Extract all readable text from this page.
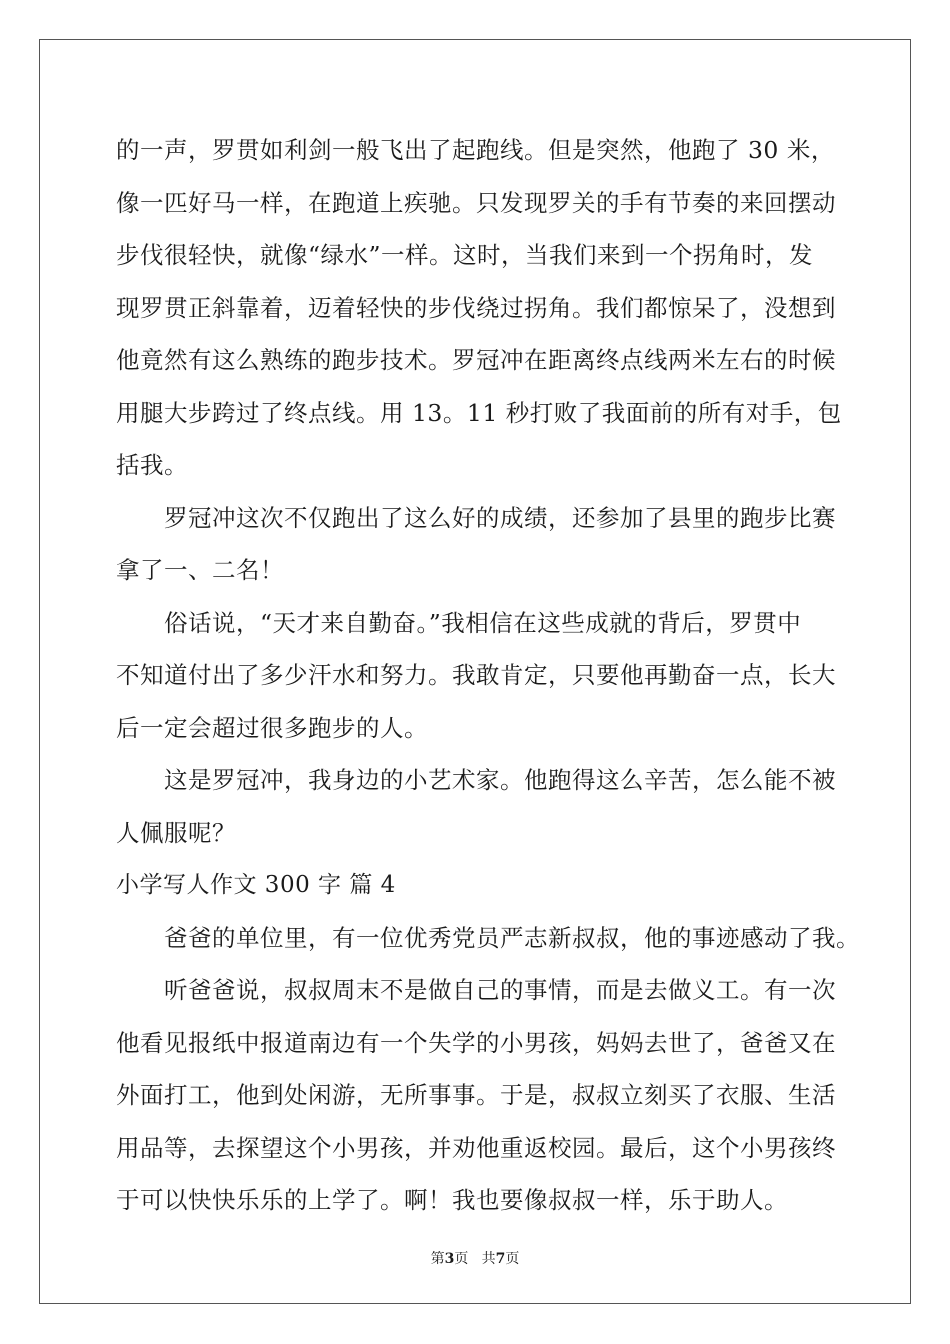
的一声，罗贯如利剑一般飞出了起跑线。但是突然，他跑了 30 米，
像一匹好马一样，在跑道上疾驰。只发现罗关的手有节奏的来回摆动
步伐很轻快，就像“绿水”一样。这时，当我们来到一个拐角时，发
现罗贯正斜靠着，迈着轻快的步伐绕过拐角。我们都惊呆了，没想到
他竟然有这么熟练的跑步技术。罗冠冲在距离终点线两米左右的时候
用腿大步跨过了终点线。用 13。11 秒打败了我面前的所有对手，包
括我。
罗冠冲这次不仅跑出了这么好的成绩，还参加了县里的跑步比赛
拿了一、二名！
俗话说，“天才来自勤奋。”我相信在这些成就的背后，罗贯中
不知道付出了多少汗水和努力。我敢肯定，只要他再勤奋一点，长大
后一定会超过很多跑步的人。
这是罗冠冲，我身边的小艺术家。他跑得这么辛苦，怎么能不被
人佩服呢？
小学写人作文 300 字 篇 4
爸爸的单位里，有一位优秀党员严志新叔叔，他的事迹感动了我。
听爸爸说，叔叔周末不是做自己的事情，而是去做义工。有一次
他看见报纸中报道南边有一个失学的小男孩，妈妈去世了，爸爸又在
外面打工，他到处闲游，无所事事。于是，叔叔立刻买了衣服、生活
用品等，去探望这个小男孩，并劝他重返校园。最后，这个小男孩终
于可以快快乐乐的上学了。啊！我也要像叔叔一样，乐于助人。
第3页 共7页
